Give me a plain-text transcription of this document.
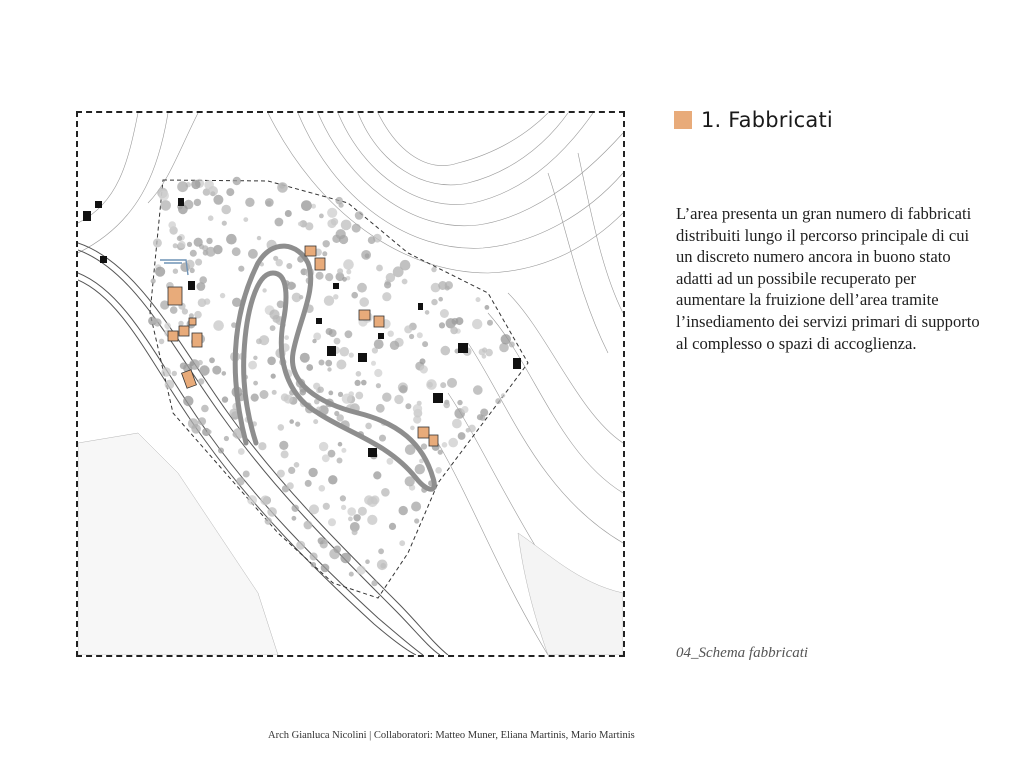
1. Fabbricati
L’area presenta un gran numero di fabbricati distribuiti lungo il percorso principale di cui un discreto numero ancora in buono stato adatti ad un possibile recuperato per aumentare la fruizione dell’area tramite l’insediamento dei servizi primari di supporto al complesso o spazi di accoglienza.
04_Schema fabbricati
Arch Gianluca Nicolini | Collaboratori: Matteo Muner, Eliana Martinis, Mario Martinis
